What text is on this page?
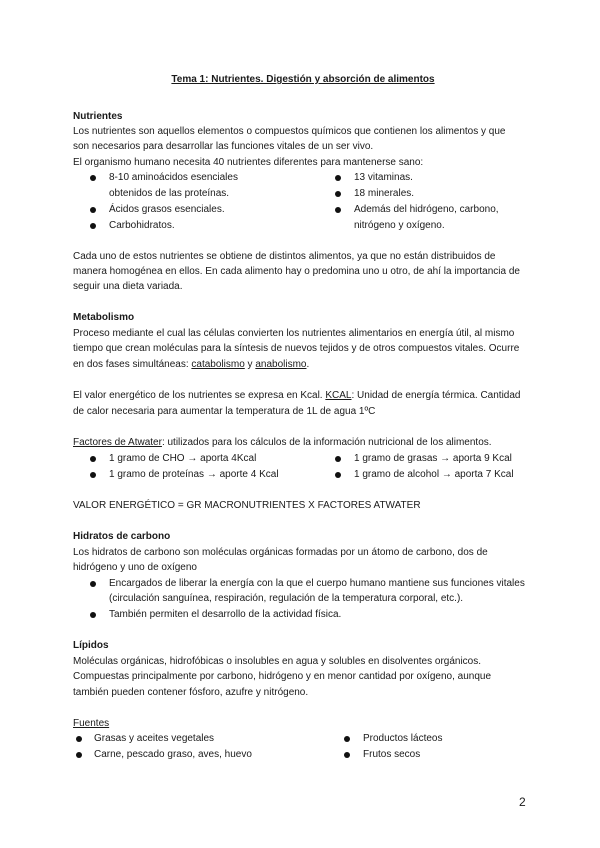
Tema 1: Nutrientes. Digestión y absorción de alimentos
Nutrientes
Los nutrientes son aquellos elementos o compuestos químicos que contienen los alimentos y que
son necesarios para desarrollar las funciones vitales de un ser vivo.
El organismo humano necesita 40 nutrientes diferentes para mantenerse sano:
8-10 aminoácidos esenciales
obtenidos de las proteínas.
Ácidos grasos esenciales.
Carbohidratos.
13 vitaminas.
18 minerales.
Además del hidrógeno, carbono,
nitrógeno y oxígeno.
Cada uno de estos nutrientes se obtiene de distintos alimentos, ya que no están distribuidos de
manera homogénea en ellos. En cada alimento hay o predomina uno u otro, de ahí la importancia de
seguir una dieta variada.
Metabolismo
Proceso mediante el cual las células convierten los nutrientes alimentarios en energía útil, al mismo
tiempo que crean moléculas para la síntesis de nuevos tejidos y de otros compuestos vitales. Ocurre
en dos fases simultáneas: catabolismo y anabolismo.
El valor energético de los nutrientes se expresa en Kcal. KCAL: Unidad de energía térmica. Cantidad
de calor necesaria para aumentar la temperatura de 1L de agua 1ºC
Factores de Atwater: utilizados para los cálculos de la información nutricional de los alimentos.
1 gramo de CHO → aporta 4Kcal
1 gramo de proteínas → aporte 4 Kcal
1 gramo de grasas → aporta 9 Kcal
1 gramo de alcohol → aporta 7 Kcal
VALOR ENERGÉTICO = GR MACRONUTRIENTES X FACTORES ATWATER
Hidratos de carbono
Los hidratos de carbono son moléculas orgánicas formadas por un átomo de carbono, dos de
hidrógeno y uno de oxígeno
Encargados de liberar la energía con la que el cuerpo humano mantiene sus funciones vitales
(circulación sanguínea, respiración, regulación de la temperatura corporal, etc.).
También permiten el desarrollo de la actividad física.
Lípidos
Moléculas orgánicas, hidrofóbicas o insolubles en agua y solubles en disolventes orgánicos.
Compuestas principalmente por carbono, hidrógeno y en menor cantidad por oxígeno, aunque
también pueden contener fósforo, azufre y nitrógeno.
Fuentes
Grasas y aceites vegetales
Carne, pescado graso, aves, huevo
Productos lácteos
Frutos secos
2
